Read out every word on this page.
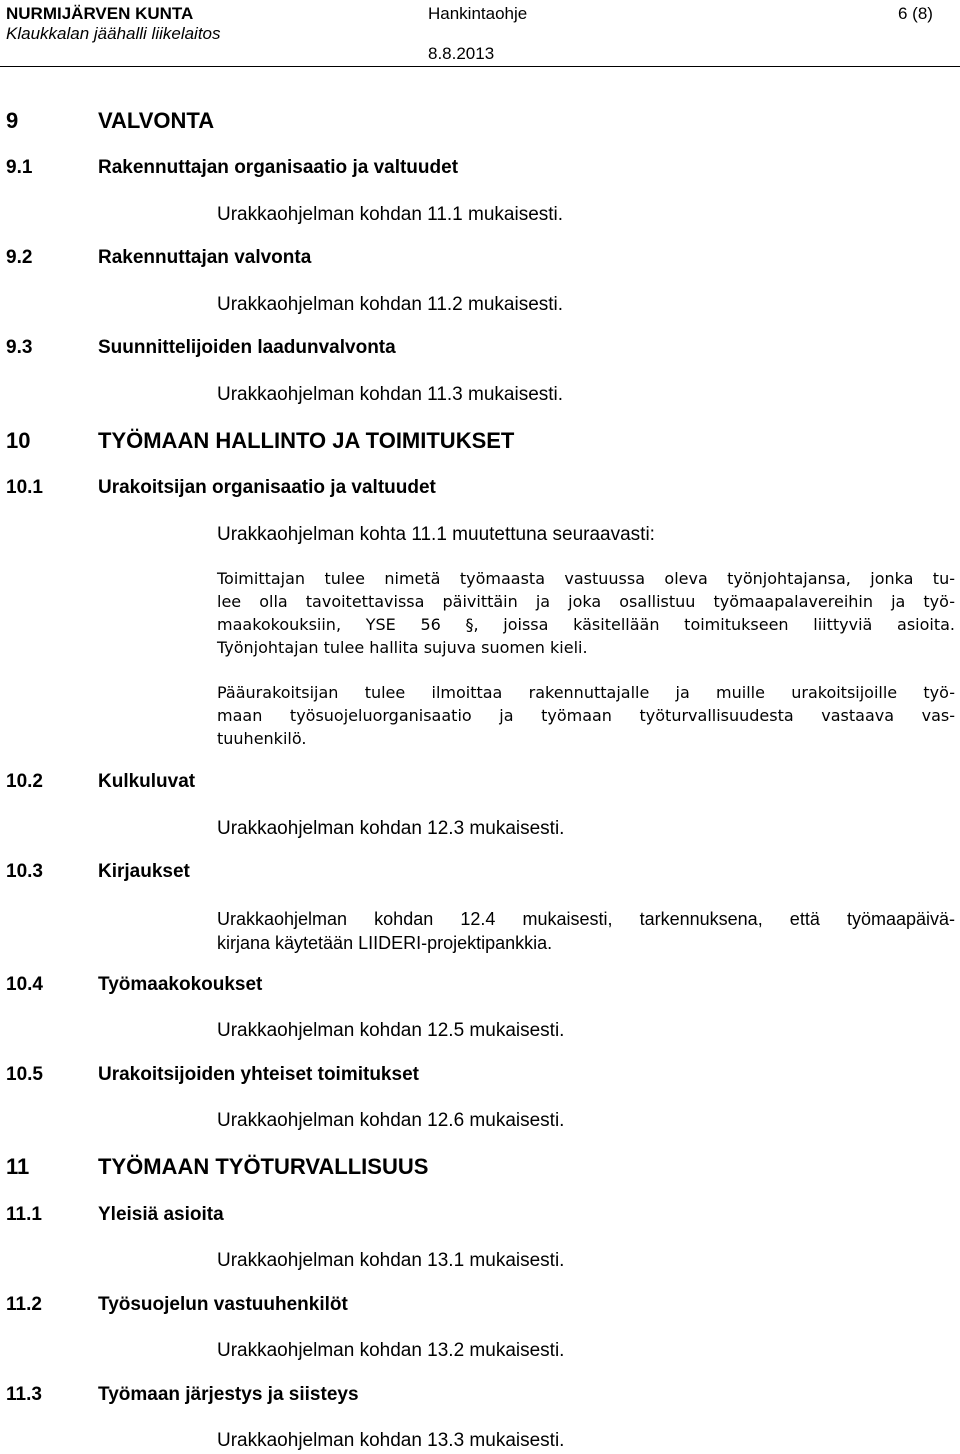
NURMIJÄRVEN KUNTA
Klaukkalan jäähalli liikelaitos
Hankintaohje
8.8.2013
6 (8)
9	VALVONTA
9.1	Rakennuttajan organisaatio ja valtuudet
Urakkaohjelman kohdan 11.1 mukaisesti.
9.2	Rakennuttajan valvonta
Urakkaohjelman kohdan 11.2 mukaisesti.
9.3	Suunnittelijoiden laadunvalvonta
Urakkaohjelman kohdan 11.3 mukaisesti.
10	TYÖMAAN HALLINTO JA TOIMITUKSET
10.1	Urakoitsijan organisaatio ja valtuudet
Urakkaohjelman kohta 11.1 muutettuna seuraavasti:
Toimittajan tulee nimetä työmaasta vastuussa oleva työnjohtajansa, jonka tu-
lee olla tavoitettavissa päivittäin ja joka osallistuu työmaapalavereihin ja työ-
maakokouksiin, YSE 56 §, joissa käsitellään toimitukseen liittyviä asioita.
Työnjohtajan tulee hallita sujuva suomen kieli.
Pääurakoitsijan tulee ilmoittaa rakennuttajalle ja muille urakoitsijoille työ-
maan työsuojeluorganisaatio ja työmaan työturvallisuudesta vastaava vas-
tuuhenkilö.
10.2	Kulkuluvat
Urakkaohjelman kohdan 12.3 mukaisesti.
10.3	Kirjaukset
Urakkaohjelman kohdan 12.4 mukaisesti, tarkennuksena, että työmaapäivä-
kirjana käytetään LIIDERI-projektipankkia.
10.4	Työmaakokoukset
Urakkaohjelman kohdan 12.5 mukaisesti.
10.5	Urakoitsijoiden yhteiset toimitukset
Urakkaohjelman kohdan 12.6 mukaisesti.
11	TYÖMAAN TYÖTURVALLISUUS
11.1	Yleisiä asioita
Urakkaohjelman kohdan 13.1 mukaisesti.
11.2	Työsuojelun vastuuhenkilöt
Urakkaohjelman kohdan 13.2 mukaisesti.
11.3	Työmaan järjestys ja siisteys
Urakkaohjelman kohdan 13.3 mukaisesti.
